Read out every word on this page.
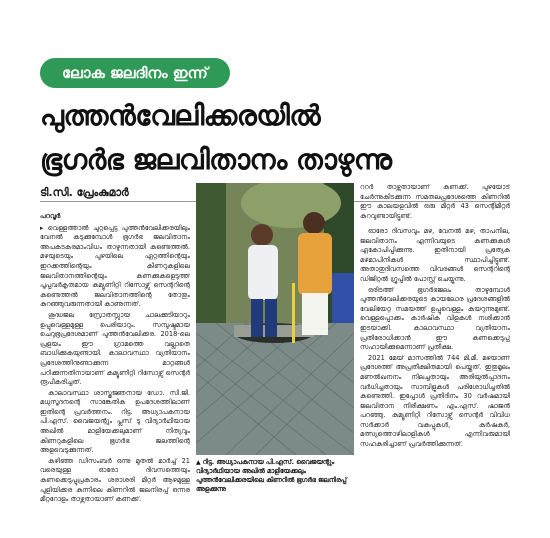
ലോക ജലദിനം ഇന്ന്
പുത്തൻവേലിക്കരയിൽ
ഭൂഗർഭ ജലവിതാനം താഴുന്നു
ടി.സി. പ്രേംകുമാർ
പറവൂർ

▸ വെള്ളത്താൽ ചുറ്റപ്പെട്ട പുത്തൻവേലിക്കരയിലും വേനൽ കടുക്കുമ്പോൾ ഭൂഗർഭ ജലവിതാനം അപകടകരമാംവിധം താഴുന്നതായി കണ്ടെത്തൽ. മഴയുടെയും പുഴയിലെ ഏറ്റത്തിന്റെയും ഇറക്കത്തിന്റെയും കിണറുകളിലെ ജലവിതാനത്തിന്റെയും കണക്കുകളെടുത്ത് പൂപ്പവർകൃതമായ കമ്യൂണിറ്റി റിസോഴ്സ് സെന്ററിന്റെ കണ്ടെത്തൽ ജലവിതാനത്തിന്റെ തോതും കുറഞ്ഞുവരുന്നതായി കാണുന്നത്.

ശുദ്ധജല സ്രോതസ്സായ ചാലക്കുടിയാറും ഉപ്പുവെള്ളമുള്ള പെരിയാറും. സമ്പുഷ്ടമായ ചെറുഭൂപ്രദേശമാണ് പുത്തൻവേലിക്കര. 2018-ലെ പ്രളയം ഈ ഗ്രാമത്തെ വല്ലാതെ ബാധിക്കുകയുണ്ടായി. കാലാവസ്ഥാ വ്യതിയാനം പ്രദേശത്തിനുണ്ടാക്കുന്ന മാറ്റങ്ങൾ പഠിക്കുന്നതിനായാണ് കമ്യൂണിറ്റി റിസോഴ്സ് സെന്റർ രൂപീകരിച്ചത്.

കാലാവസ്ഥാ ശാസ്ത്രജ്ഞനായ ഡോ. സി.ജി. മധുസൂദനന്റെ സാങ്കേതിക ഉപദേശത്തിലാണ് ഇതിന്റെ പ്രവർത്തനം. റിട്ട. അധ്യാപകനായ പി.എസ്. വൈജയന്റും പ്ലസ് ടു വിദ്യാർഥിയായ അഖിൽ മാളിയേക്കലുമാണ് നിത്യവും കിണറുകളിലെ ഭൂഗർഭ ജലത്തിന്റെ അളവെടുക്കുന്നത്.

കഴിഞ്ഞ ഡിസംബർ ഒന്നു മുതൽ മാർച്ച് 21 വരെയുള്ള ഓരോ ദിവസത്തെയും കണക്കെടുപ്പുപ്രകാരം ശരാശരി മീറ്റർ ആഴമുള്ള പുളിയിക്കര കുന്നിലെ കിണറിൽ ജലനിരപ്പ് ഒന്നര മീറ്ററോളം താഴ്ന്നതായാണ് കണക്ക്.

▲ റിട്ട. അധ്യാപകനായ പി.എസ്. വൈജയന്റും വിദ്യാർഥിയായ അഖിൽ മാളിയേക്കലും പുത്തൻവേലിക്കരയിലെ കിണറിൽ ഭൂഗർഭ ജലനിരപ്പ് അളക്കുന്നു

ററർ താഴ്ന്നതായാണ് കണക്ക്. പുഴയോട് ചേർന്നുകിടക്കുന്ന സമതലപ്രദേശത്തെ കിണറിൽ ഈ കാലയളവിൽ ഒരു മീറ്റർ 43 സെന്റിമീറ്റർ കുറവുണ്ടായിട്ടുണ്ട്.

ഓരോ ദിവസവും മഴ, വേനൽ മഴ, താപനില, ജലവിതാനം എന്നിവയുടെ കണക്കുകൾ ഏകോപിപ്പിക്കുന്നു. ഇതിനായി പ്രത്യേക മഴമാപിനികൾ സ്ഥാപിച്ചിട്ടുണ്ട്. അതാതുദിവസത്തെ വിവരങ്ങൾ സെന്ററിന്റെ ഡിജിറ്റൽ ഗ്രൂപ്പിൽ പോസ്റ്റ് ചെയ്യുന്നു.

ഒരിടത്ത് ഭൂഗർഭജലം താഴുമ്പോൾ പുത്തൻവേലിക്കരയുടെ കായലോര പ്രദേശങ്ങളിൽ വേലിയേറ്റ സമയത്ത് ഉപ്പുവെള്ളം കയറുന്നുമുണ്ട്. വെള്ളപ്പൊക്കം കാർഷിക വിളകൾ നശിക്കാൻ ഇടയാക്കി. കാലാവസ്ഥാ വ്യതിയാനം പ്രതിരോധിക്കാൻ ഈ കണക്കെടുപ്പ് സഹായിക്കുമെന്നാണ് പ്രതീക്ഷ.

2021 മേയ് മാസത്തിൽ 744 മി.മീ. മഴയാണ് പ്രദേശത്ത് അപ്രതീക്ഷിതമായി പെയ്തത്. ഇതുമൂലം മണൽഖനനം നിലച്ചതായും അരിയുൽപ്പാദനം വർധിച്ചതായും സാമ്പിളുകൾ പരിശോധിച്ചതിൽ കണ്ടെത്തി. ഇപ്പോൾ പ്രതിദിനം 30 വർഷമായി ജലവിതാന നിരീക്ഷണം എം.എസ്. ഷാജൻ പറഞ്ഞു. കമ്യൂണിറ്റി റിസോഴ്സ് സെന്റർ വിവിധ സർക്കാർ വകുപ്പുകൾ, കർഷകർ, മത്സ്യത്തൊഴിലാളികൾ എന്നിവരുമായി സഹകരിച്ചാണ് പ്രവർത്തിക്കുന്നത്.
